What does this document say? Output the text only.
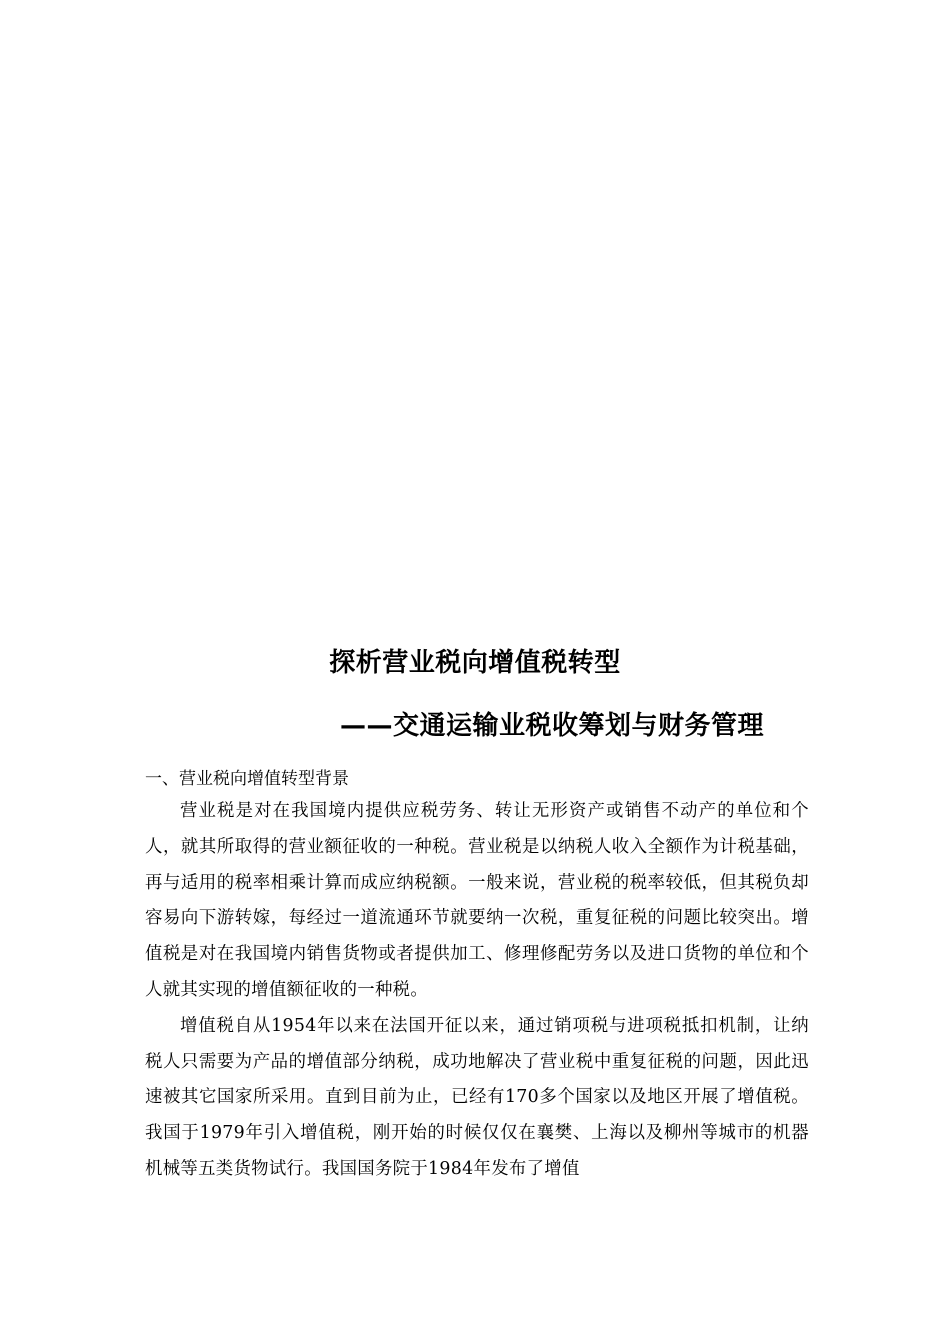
探析营业税向增值税转型
——交通运输业税收筹划与财务管理
一、营业税向增值转型背景

营业税是对在我国境内提供应税劳务、转让无形资产或销售不动产的单位和个人，就其所取得的营业额征收的一种税。营业税是以纳税人收入全额作为计税基础，再与适用的税率相乘计算而成应纳税额。一般来说，营业税的税率较低，但其税负却容易向下游转嫁，每经过一道流通环节就要纳一次税，重复征税的问题比较突出。增值税是对在我国境内销售货物或者提供加工、修理修配劳务以及进口货物的单位和个人就其实现的增值额征收的一种税。

增值税自从1954年以来在法国开征以来，通过销项税与进项税抵扣机制，让纳税人只需要为产品的增值部分纳税，成功地解决了营业税中重复征税的问题，因此迅速被其它国家所采用。直到目前为止，已经有170多个国家以及地区开展了增值税。我国于1979年引入增值税，刚开始的时候仅仅在襄樊、上海以及柳州等城市的机器机械等五类货物试行。我国国务院于1984年发布了增值
